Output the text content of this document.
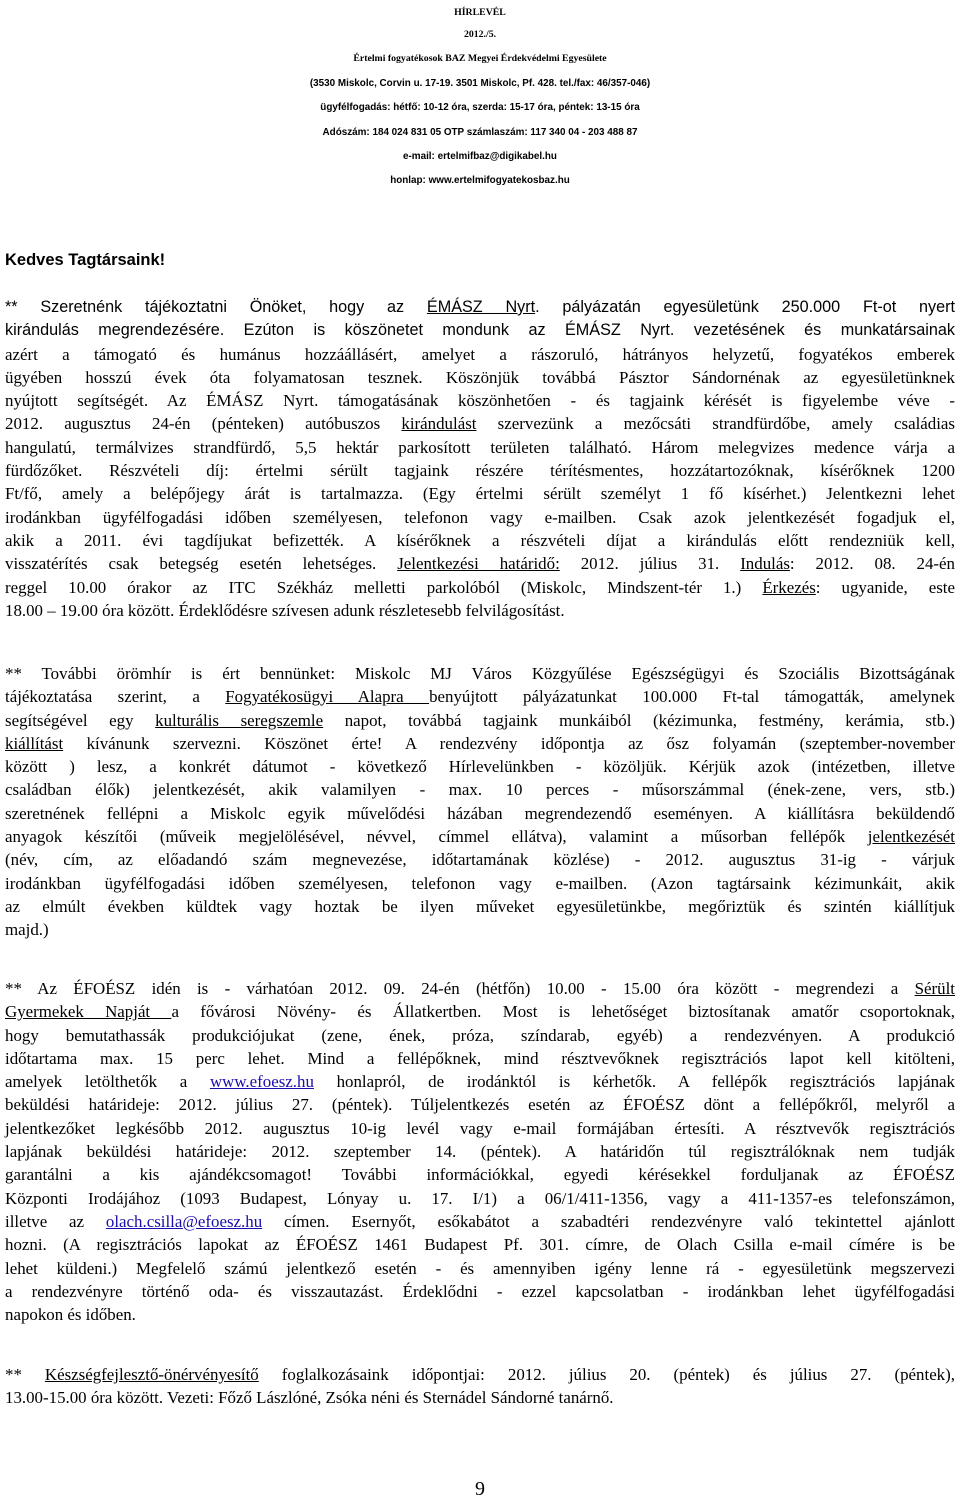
HÍRLEVÉL
2012./5.
Értelmi fogyatékosok BAZ Megyei Érdekvédelmi Egyesülete
(3530 Miskolc, Corvin u. 17-19. 3501 Miskolc, Pf. 428. tel./fax: 46/357-046)
ügyfélfogadás: hétfő: 10-12 óra, szerda: 15-17 óra, péntek: 13-15 óra
Adószám: 184 024 831 05 OTP számlaszám: 117 340 04 - 203 488 87
e-mail: ertelmifbaz@digikabel.hu
honlap: www.ertelmifogyatekosbaz.hu
Kedves Tagtársaink!
** Szeretnénk tájékoztatni Önöket, hogy az ÉMÁSZ Nyrt. pályázatán egyesületünk 250.000 Ft-ot nyert
kirándulás megrendezésére. Ezúton is köszönetet mondunk az ÉMÁSZ Nyrt. vezetésének és munkatársainak
azért a támogató és humánus hozzáállásért, amelyet a rászoruló, hátrányos helyzetű, fogyatékos emberek
ügyében hosszú évek óta folyamatosan tesznek. Köszönjük továbbá Pásztor Sándornénak az egyesületünknek
nyújtott segítségét. Az ÉMÁSZ Nyrt. támogatásának köszönhetően - és tagjaink kérését is figyelembe véve -
2012. augusztus 24-én (pénteken) autóbuszos kirándulást szervezünk a mezőcsáti strandfürdőbe, amely családias
hangulatú, termálvizes strandfürdő, 5,5 hektár parkosított területen található. Három melegvizes medence várja a
fürdőzőket. Részvételi díj: értelmi sérült tagjaink részére térítésmentes, hozzátartozóknak, kísérőknek 1200
Ft/fő, amely a belépőjegy árát is tartalmazza. (Egy értelmi sérült személyt 1 fő kísérhet.) Jelentkezni lehet
irodánkban ügyfélfogadási időben személyesen, telefonon vagy e-mailben. Csak azok jelentkezését fogadjuk el,
akik a 2011. évi tagdíjukat befizették. A kísérőknek a részvételi díjat a kirándulás előtt rendezniük kell,
visszatérítés csak betegség esetén lehetséges. Jelentkezési határidő: 2012. július 31. Indulás: 2012. 08. 24-én
reggel 10.00 órakor az ITC Székház melletti parkolóból (Miskolc, Mindszent-tér 1.) Érkezés: ugyanide, este
18.00 – 19.00 óra között. Érdeklődésre szívesen adunk részletesebb felvilágosítást.
** További örömhír is ért bennünket: Miskolc MJ Város Közgyűlése Egészségügyi és Szociális Bizottságának
tájékoztatása szerint, a Fogyatékosügyi Alapra benyújtott pályázatunkat 100.000 Ft-tal támogatták, amelynek
segítségével egy kulturális seregszemle napot, továbbá tagjaink munkáiból (kézimunka, festmény, kerámia, stb.)
kiállítást kívánunk szervezni. Köszönet érte! A rendezvény időpontja az ősz folyamán (szeptember-november
között ) lesz, a konkrét dátumot - következő Hírlevelünkben - közöljük. Kérjük azok (intézetben, illetve
családban élők) jelentkezését, akik valamilyen - max. 10 perces - műsorszámmal (ének-zene, vers, stb.)
szeretnének fellépni a Miskolc egyik művelődési házában megrendezendő eseményen. A kiállításra beküldendő
anyagok készítői (műveik megjelölésével, névvel, címmel ellátva), valamint a műsorban fellépők jelentkezését
(név, cím, az előadandó szám megnevezése, időtartamának közlése) - 2012. augusztus 31-ig - várjuk
irodánkban ügyfélfogadási időben személyesen, telefonon vagy e-mailben. (Azon tagtársaink kézimunkáit, akik
az elmúlt években küldtek vagy hoztak be ilyen műveket egyesületünkbe, megőriztük és szintén kiállítjuk
majd.)
** Az ÉFOÉSZ idén is - várhatóan 2012. 09. 24-én (hétfőn) 10.00 - 15.00 óra között - megrendezi a Sérült
Gyermekek Napját a fővárosi Növény- és Állatkertben. Most is lehetőséget biztosítanak amatőr csoportoknak,
hogy bemutathassák produkciójukat (zene, ének, próza, színdarab, egyéb) a rendezvényen. A produkció
időtartama max. 15 perc lehet. Mind a fellépőknek, mind résztvevőknek regisztrációs lapot kell kitölteni,
amelyek letölthetők a www.efoesz.hu honlapról, de irodánktól is kérhetők. A fellépők regisztrációs lapjának
beküldési határideje: 2012. július 27. (péntek). Túljelentkezés esetén az ÉFOÉSZ dönt a fellépőkről, melyről a
jelentkezőket legkésőbb 2012. augusztus 10-ig levél vagy e-mail formájában értesíti. A résztvevők regisztrációs
lapjának beküldési határideje: 2012. szeptember 14. (péntek). A határidőn túl regisztrálóknak nem tudják
garantálni a kis ajándékcsomagot! További információkkal, egyedi kérésekkel forduljanak az ÉFOÉSZ
Központi Irodájához (1093 Budapest, Lónyay u. 17. I/1) a 06/1/411-1356, vagy a 411-1357-es telefonszámon,
illetve az olach.csilla@efoesz.hu címen. Esernyőt, esőkabátot a szabadtéri rendezvényre való tekintettel ajánlott
hozni. (A regisztrációs lapokat az ÉFOÉSZ 1461 Budapest Pf. 301. címre, de Olach Csilla e-mail címére is be
lehet küldeni.) Megfelelő számú jelentkező esetén - és amennyiben igény lenne rá - egyesületünk megszervezi
a rendezvényre történő oda- és visszautazást. Érdeklődni - ezzel kapcsolatban - irodánkban lehet ügyfélfogadási
napokon és időben.
** Készségfejlesztő-önérvényesítő foglalkozásaink időpontjai: 2012. július 20. (péntek) és július 27. (péntek),
13.00-15.00 óra között. Vezeti: Főző Lászlóné, Zsóka néni és Sternádel Sándorné tanárnő.
9
